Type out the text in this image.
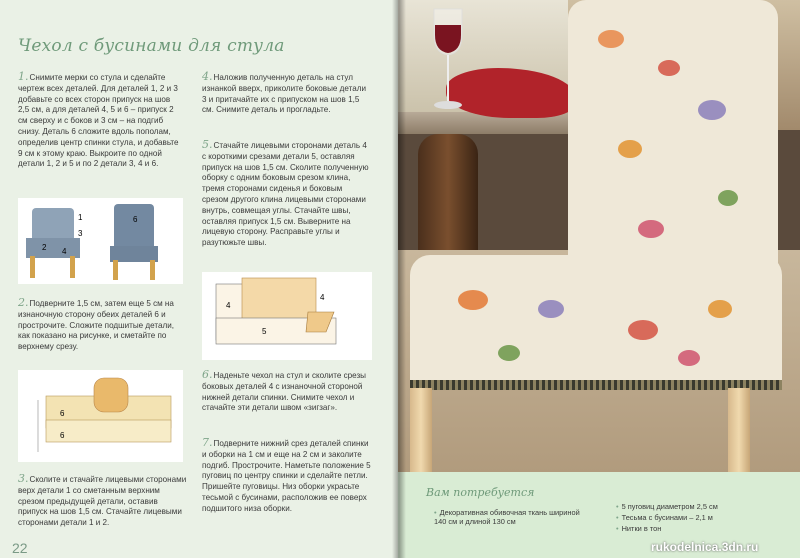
Чехол с бусинами для стула
1.Снимите мерки со стула и сделайте чертеж всех деталей. Для деталей 1, 2 и 3 добавьте со всех сторон припуск на шов 2,5 см, а для деталей 4, 5 и 6 – припуск 2 см сверху и с боков и 3 см – на подгиб снизу. Деталь 6 сложите вдоль пополам, определив центр спинки стула, и добавьте 9 см к этому краю. Выкроите по одной детали 1, 2 и 5 и по 2 детали 3, 4 и 6.
1
2
3
4
6
2.Подверните 1,5 см, затем еще 5 см на изнаночную сторону обеих деталей 6 и прострочите. Сложите подшитые детали, как показано на рисунке, и сметайте по верхнему срезу.
6
6
3.Сколите и стачайте лицевыми сторонами верх детали 1 со сметанным верхним срезом предыдущей детали, оставив припуск на шов 1,5 см. Стачайте лицевыми сторонами детали 1 и 2.
4.Наложив полученную деталь на стул изнанкой вверх, приколите боковые детали 3 и притачайте их с припуском на шов 1,5 см. Снимите деталь и прогладьте.
5.Стачайте лицевыми сторонами деталь 4 с короткими срезами детали 5, оставляя припуск на шов 1,5 см. Сколите полученную оборку с одним боковым срезом клина, тремя сторонами сиденья и боковым срезом другого клина лицевыми сторонами внутрь, совмещая углы. Стачайте швы, оставляя припуск 1,5 см. Выверните на лицевую сторону. Расправьте углы и разутюжьте швы.
4
4
5
6.Наденьте чехол на стул и сколите срезы боковых деталей 4 с изнаночной стороной нижней детали спинки. Снимите чехол и стачайте эти детали швом «зигзаг».
7.Подверните нижний срез деталей спинки и оборки на 1 см и еще на 2 см и заколите подгиб. Прострочите. Наметьте положение 5 пуговиц по центру спинки и сделайте петли. Пришейте пуговицы. Низ оборки украсьте тесьмой с бусинами, расположив ее поверх подшитого низа оборки.
22
Вам потребуется
• Декоративная обивочная ткань шириной 140 см и длиной 130 см
• 5 пуговиц диаметром 2,5 см
• Тесьма с бусинами – 2,1 м
• Нитки в тон
rukodelnica.3dn.ru
